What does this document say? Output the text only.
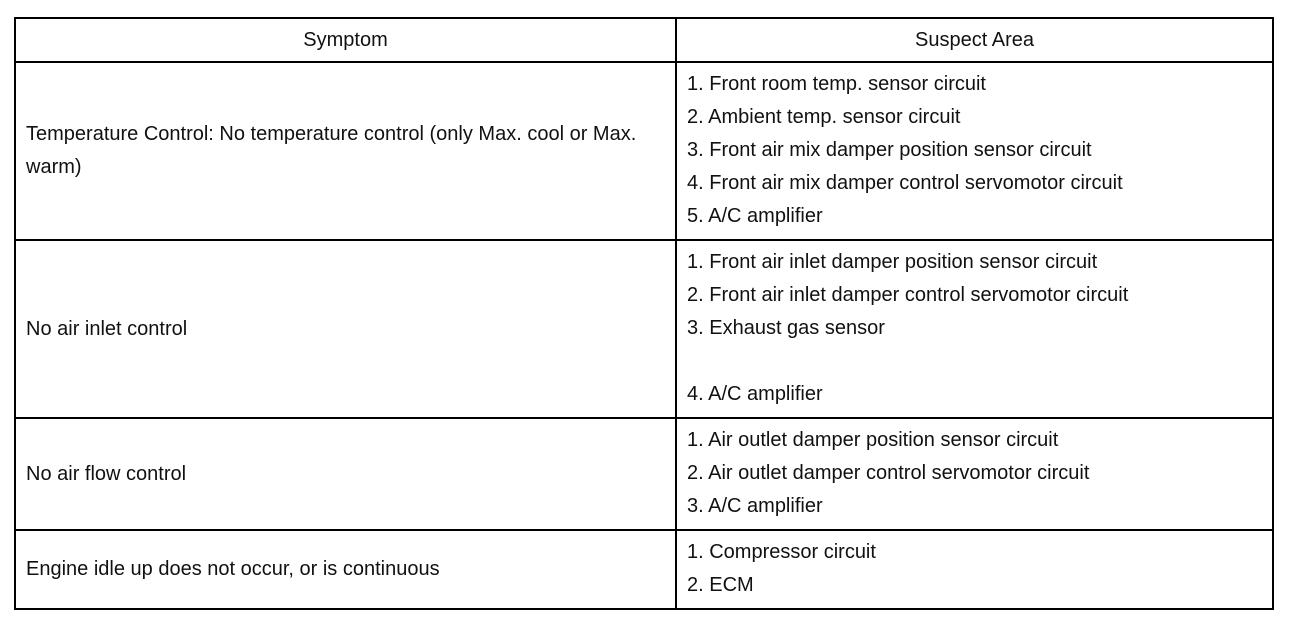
Symptom	Suspect Area
Temperature Control: No temperature control (only Max. cool or Max. warm)	1. Front room temp. sensor circuit
2. Ambient temp. sensor circuit
3. Front air mix damper position sensor circuit
4. Front air mix damper control servomotor circuit
5. A/C amplifier

No air inlet control	1. Front air inlet damper position sensor circuit
2. Front air inlet damper control servomotor circuit
3. Exhaust gas sensor
4. A/C amplifier

No air flow control	1. Air outlet damper position sensor circuit
2. Air outlet damper control servomotor circuit
3. A/C amplifier

Engine idle up does not occur, or is continuous	1. Compressor circuit
2. ECM
